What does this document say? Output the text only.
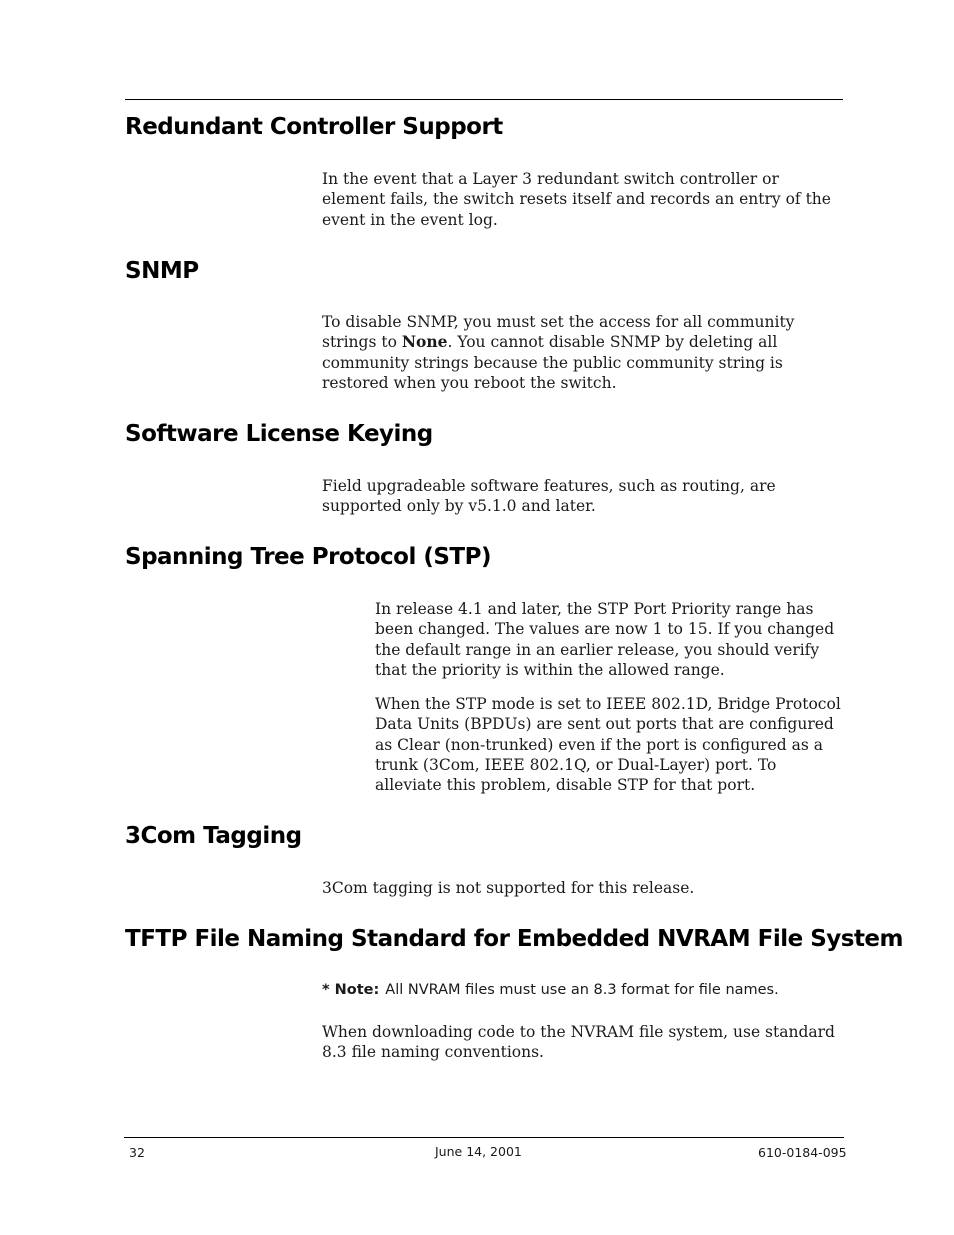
Redundant Controller Support

In the event that a Layer 3 redundant switch controller or element fails, the switch resets itself and records an entry of the event in the event log.

SNMP

To disable SNMP, you must set the access for all community strings to None. You cannot disable SNMP by deleting all community strings because the public community string is restored when you reboot the switch.

Software License Keying

Field upgradeable software features, such as routing, are supported only by v5.1.0 and later.

Spanning Tree Protocol (STP)

In release 4.1 and later, the STP Port Priority range has been changed. The values are now 1 to 15. If you changed the default range in an earlier release, you should verify that the priority is within the allowed range.

When the STP mode is set to IEEE 802.1D, Bridge Protocol Data Units (BPDUs) are sent out ports that are configured as Clear (non-trunked) even if the port is configured as a trunk (3Com, IEEE 802.1Q, or Dual-Layer) port. To alleviate this problem, disable STP for that port.

3Com Tagging

3Com tagging is not supported for this release.

TFTP File Naming Standard for Embedded NVRAM File System

* Note: All NVRAM files must use an 8.3 format for file names.

When downloading code to the NVRAM file system, use standard 8.3 file naming conventions.

32	June 14, 2001	610-0184-095
